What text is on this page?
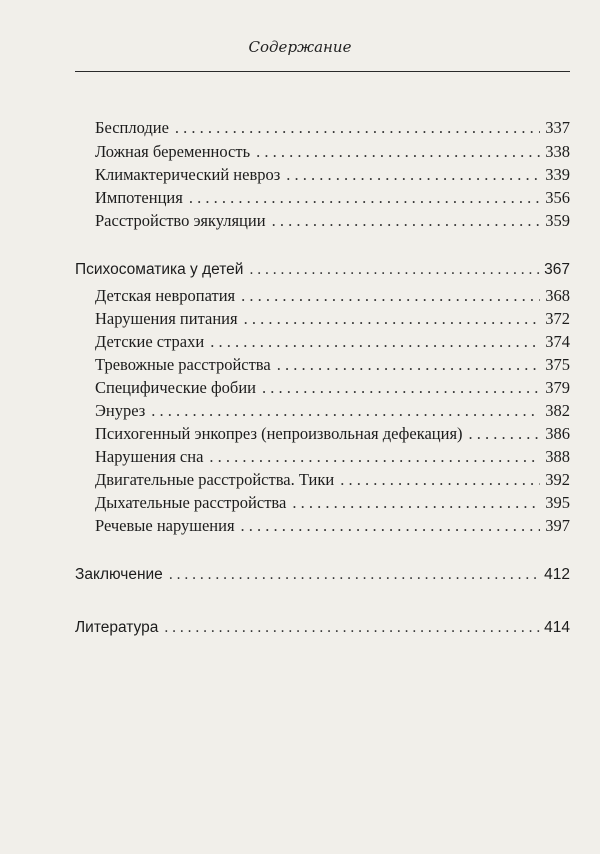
Содержание
Бесплодие . . .	337
Ложная беременность . . .	338
Климактерический невроз . . .	339
Импотенция . . .	356
Расстройство эякуляции . . .	359
Психосоматика у детей . . .	367
Детская невропатия . . .	368
Нарушения питания . . .	372
Детские страхи . . .	374
Тревожные расстройства . . .	375
Специфические фобии . . .	379
Энурез . . .	382
Психогенный энкопрез (непроизвольная дефекация) . . .	386
Нарушения сна . . .	388
Двигательные расстройства. Тики . . .	392
Дыхательные расстройства . . .	395
Речевые нарушения . . .	397
Заключение . . .	412
Литература . . .	414
